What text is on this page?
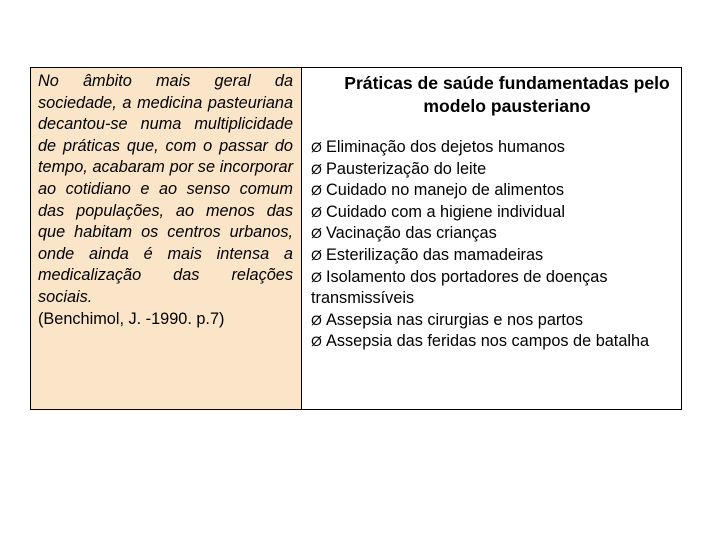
No âmbito mais geral da sociedade, a medicina pasteuriana decantou-se numa multiplicidade de práticas que, com o passar do tempo, acabaram por se incorporar ao cotidiano e ao senso comum das populações, ao menos das que habitam os centros urbanos, onde ainda é mais intensa a medicalização das relações sociais.

(Benchimol, J. -1990. p.7)

Práticas de saúde fundamentadas pelo modelo pausteriano

Ø Eliminação dos dejetos humanos
Ø Pausterização do leite
Ø Cuidado no manejo de alimentos
Ø Cuidado com a higiene individual
Ø Vacinação das crianças
Ø Esterilização das mamadeiras
Ø Isolamento dos portadores de doenças transmissíveis
Ø Assepsia nas cirurgias e nos partos
Ø Assepsia das feridas nos campos de batalha
